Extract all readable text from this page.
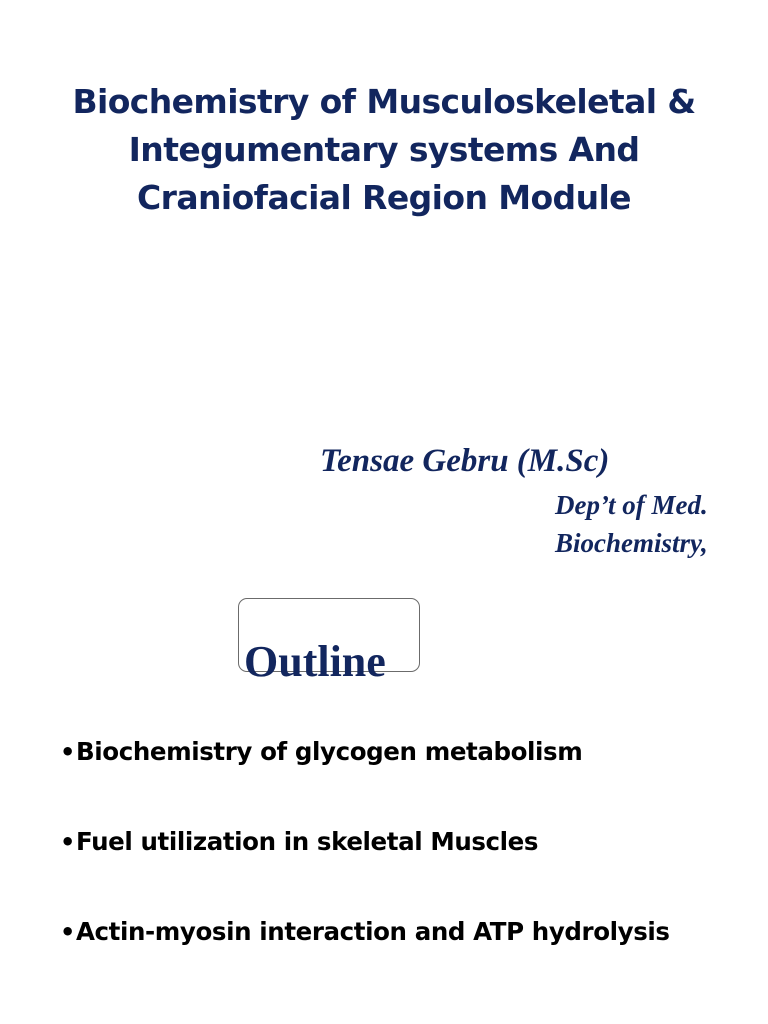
Biochemistry of Musculoskeletal &
Integumentary systems And
Craniofacial Region Module
Tensae Gebru (M.Sc)
Dep’t of Med.
Biochemistry,
Outline
• Biochemistry of glycogen metabolism
• Fuel utilization in skeletal Muscles
• Actin-myosin interaction and ATP hydrolysis
